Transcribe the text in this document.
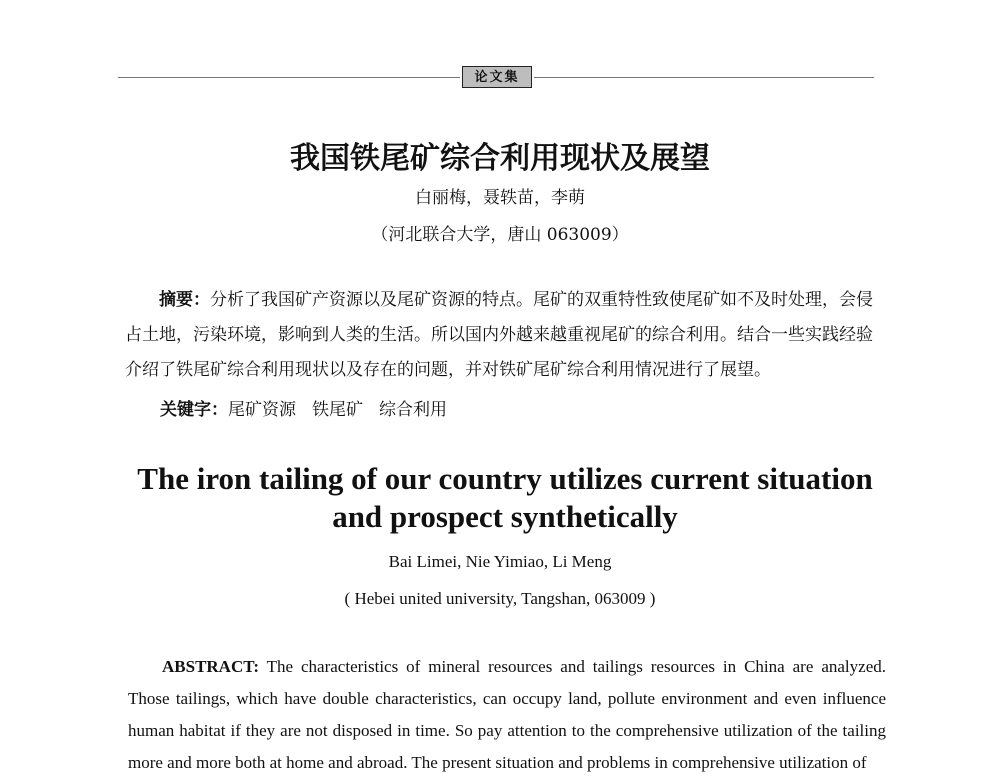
论文集
我国铁尾矿综合利用现状及展望
白丽梅，聂轶苗，李萌
（河北联合大学，唐山 063009）
摘要：分析了我国矿产资源以及尾矿资源的特点。尾矿的双重特性致使尾矿如不及时处理，会侵占土地，污染环境，影响到人类的生活。所以国内外越来越重视尾矿的综合利用。结合一些实践经验介绍了铁尾矿综合利用现状以及存在的问题，并对铁矿尾矿综合利用情况进行了展望。
关键字：尾矿资源 铁尾矿 综合利用
The iron tailing of our country utilizes current situation and prospect synthetically
Bai Limei, Nie Yimiao, Li Meng
( Hebei united university, Tangshan, 063009 )
ABSTRACT: The characteristics of mineral resources and tailings resources in China are analyzed. Those tailings, which have double characteristics, can occupy land, pollute environment and even influence human habitat if they are not disposed in time. So pay attention to the comprehensive utilization of the tailing more and more both at home and abroad. The present situation and problems in comprehensive utilization of
